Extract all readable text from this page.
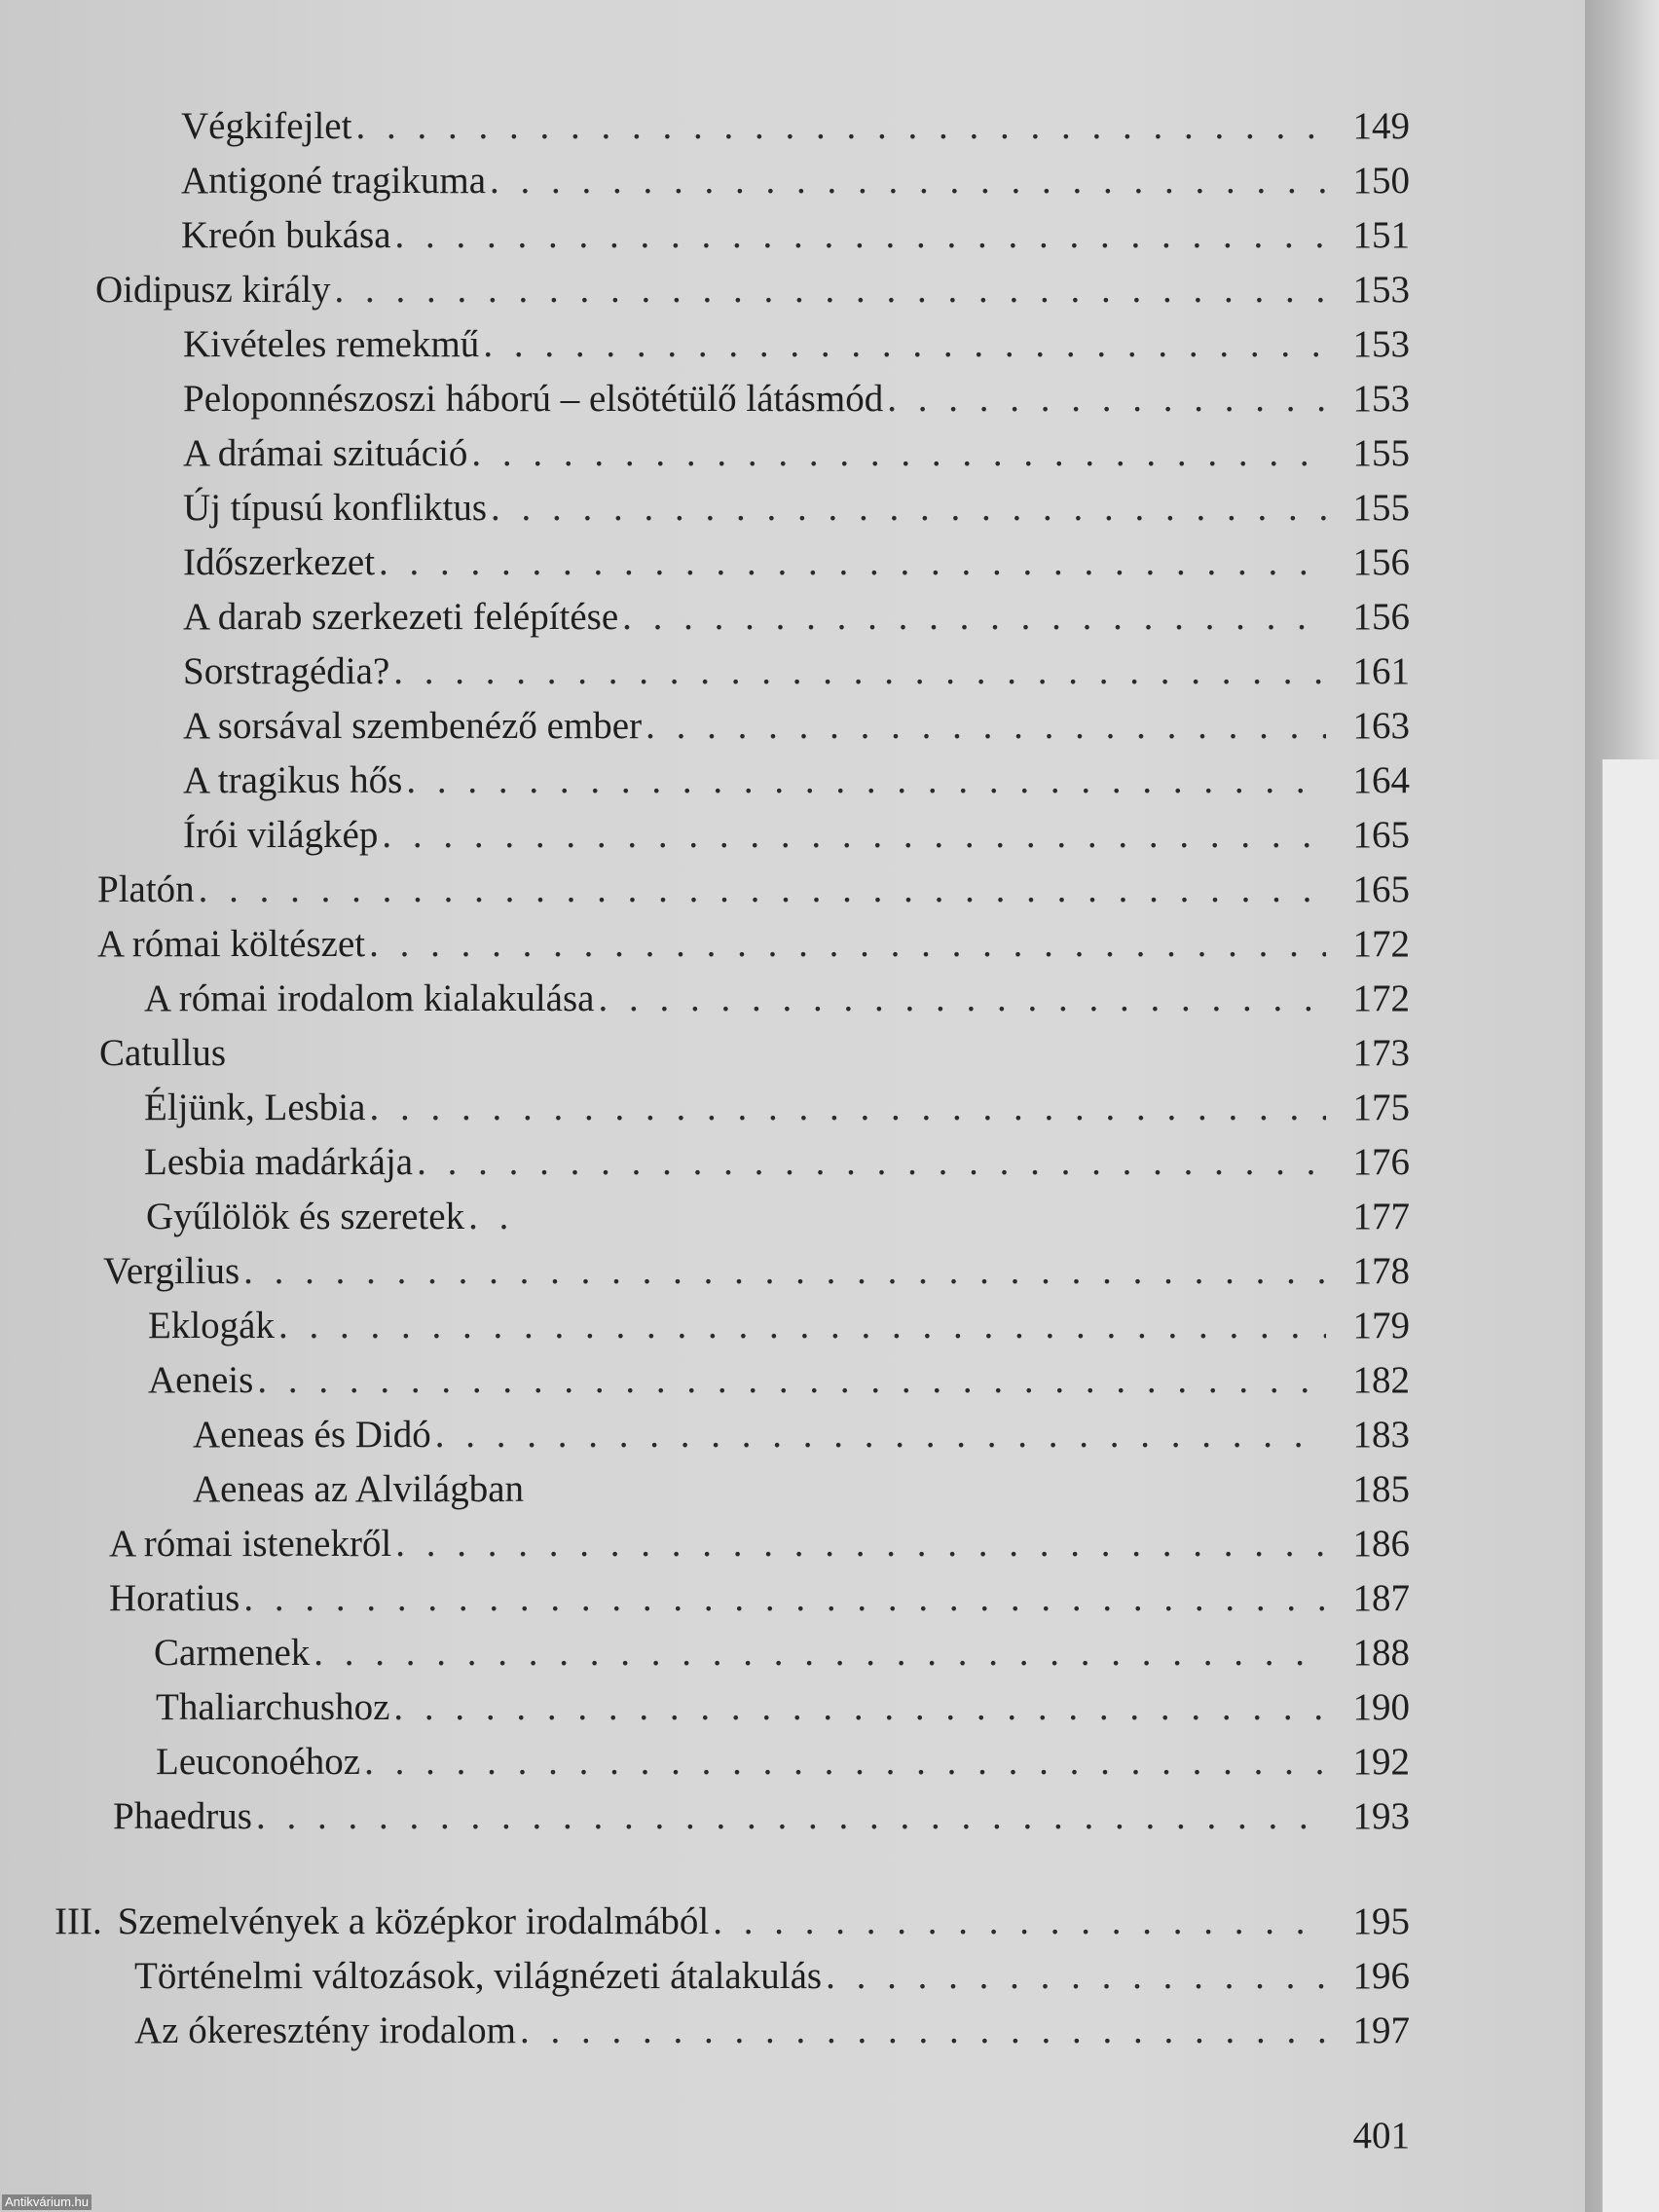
Végkifejlet . . .	149
Antigoné tragikuma . . .	150
Kreón bukása . . .	151
Oidipusz király . . .	153
Kivételes remekmű . . .	153
Peloponnészoszi háború – elsötétülő látásmód . . .	153
A drámai szituáció . . .	155
Új típusú konfliktus . . .	155
Időszerkezet . . .	156
A darab szerkezeti felépítése . . .	156
Sorstragédia? . . .	161
A sorsával szembenéző ember . . .	163
A tragikus hős . . .	164
Írói világkép . . .	165
Platón . . .	165
A római költészet . . .	172
A római irodalom kialakulása . . .	172
Catullus	173
Éljünk, Lesbia . . .	175
Lesbia madárkája . . .	176
Gyűlölök és szeretek . . .	177
Vergilius . . .	178
Eklogák . . .	179
Aeneis . . .	182
Aeneas és Didó . . .	183
Aeneas az Alvilágban	185
A római istenekről . . .	186
Horatius . . .	187
Carmenek . . .	188
Thaliarchushoz . . .	190
Leuconoéhoz . . .	192
Phaedrus . . .	193
III. Szemelvények a középkor irodalmából . . .	195
Történelmi változások, világnézeti átalakulás . . .	196
Az ókeresztény irodalom . . .	197
401
Antikvárium.hu
